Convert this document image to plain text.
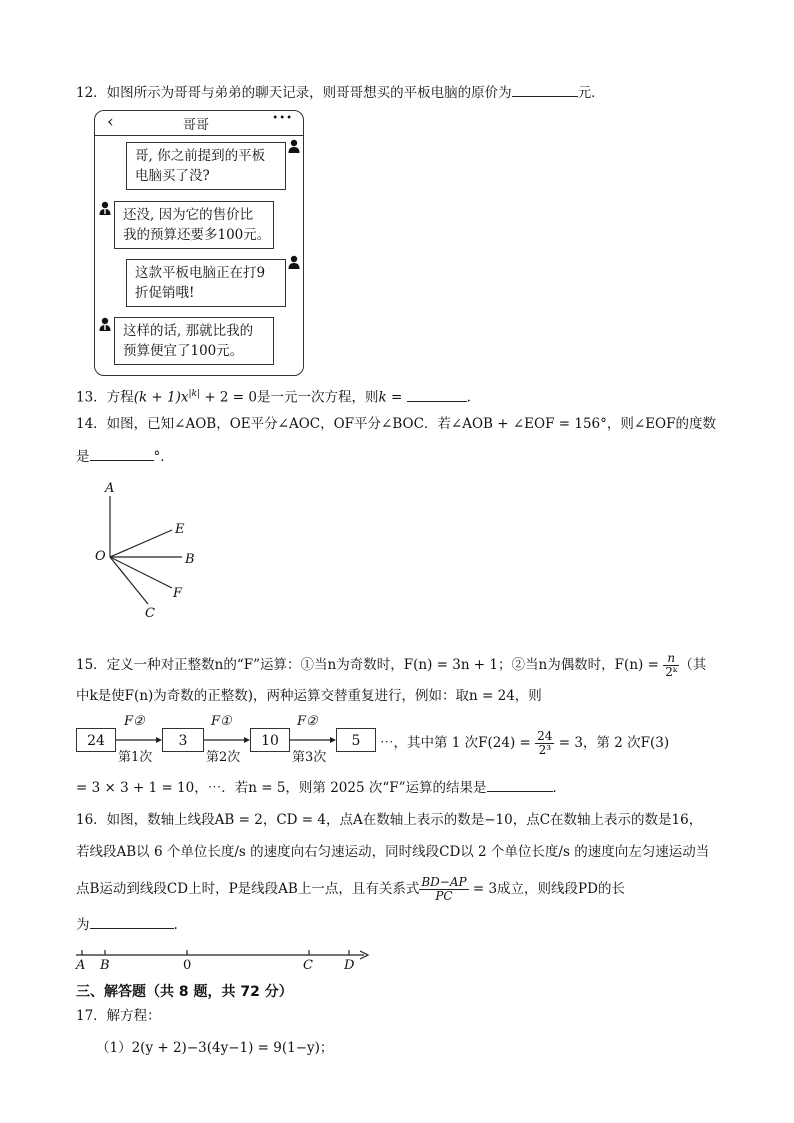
12．如图所示为哥哥与弟弟的聊天记录，则哥哥想买的平板电脑的原价为	元．
‹	哥哥	•••
哥, 你之前提到的平板
电脑买了没?
还没, 因为它的售价比
我的预算还要多100元。
这款平板电脑正在打9
折促销哦!
这样的话, 那就比我的
预算便宜了100元。
13．方程$(k + 1)x^{|k|} + 2 = 0$是一元一次方程，则k =	.
14．如图，已知∠AOB，OE平分∠AOC，OF平分∠BOC．若∠AOB + ∠EOF = 156°，则∠EOF的度数
是	°．
A
E
O	B
F
C
15．定义一种对正整数n的“F”运算：①当n为奇数时，F(n) = 3n + 1；②当n为偶数时，$F(n) = \frac{n}{\text{2ᵏ}}$ （其
中k是使F(n)为奇数的正整数)，两种运算交替重复进行，例如：取n = 24，则
24	3	10	5
F②	F①	F②
第1次	第2次	第3次
⋯，其中第 1 次$F(24) = \frac{24}{\text{2³}} = 3$，第 2 次F(3)
= 3 × 3 + 1 = 10，⋯．若n = 5，则第 2025 次“F”运算的结果是	．
16．如图，数轴上线段AB = 2，CD = 4，点A在数轴上表示的数是−10，点C在数轴上表示的数是16，
若线段AB以 6 个单位长度/s 的速度向右匀速运动，同时线段CD以 2 个单位长度/s 的速度向左匀速运动当
点B运动到线段CD上时，P是线段AB上一点，且有关系式 $\frac{BD-AP}{PC} = 3$成立，则线段PD的长
为	.
A B	0	C D
三、解答题（共 8 题，共 72 分）
17．解方程：
（1）2(y + 2)−3(4y−1) = 9(1−y)；
